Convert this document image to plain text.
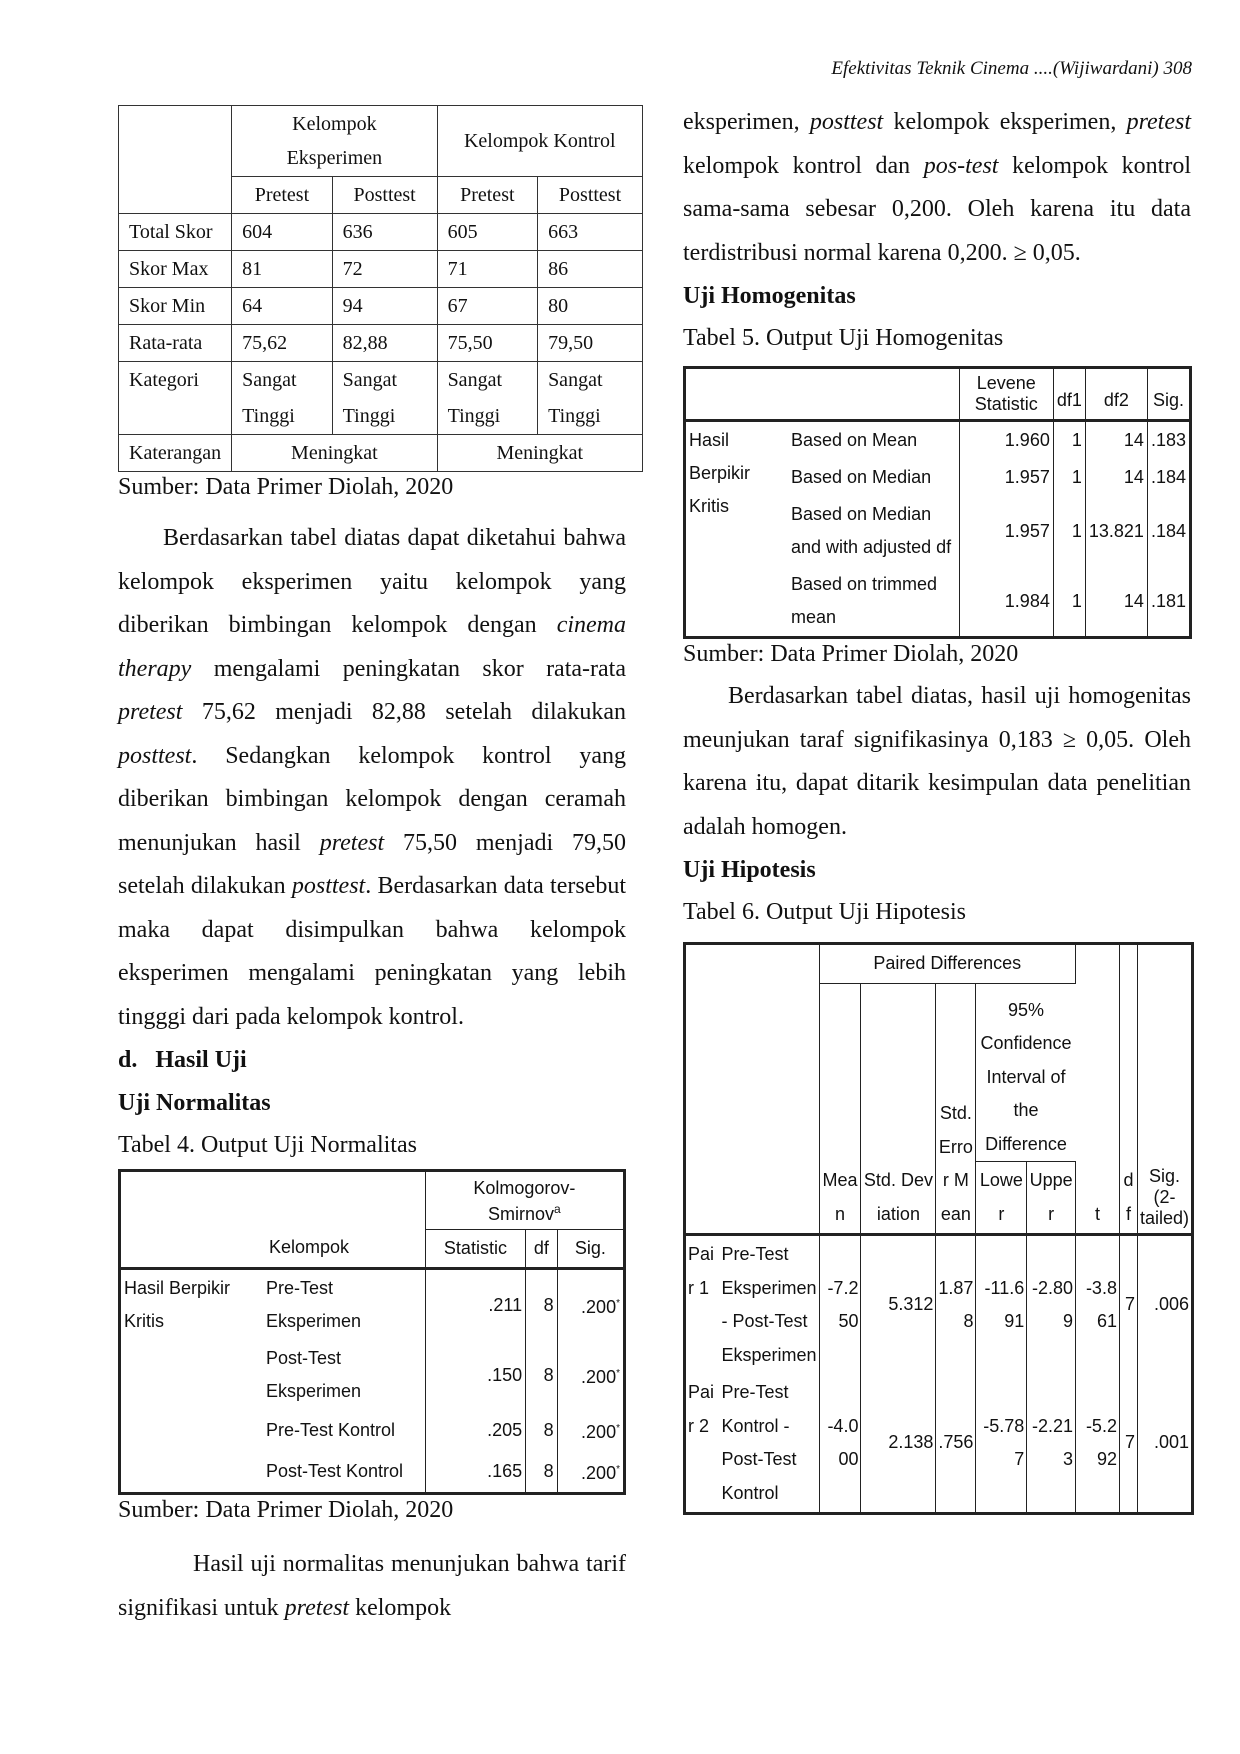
Efektivitas Teknik Cinema ....(Wijiwardani) 308
	Kelompok Eksperimen		Kelompok Kontrol	
	Pretest	Posttest	Pretest	Posttest
Total Skor	604	636	605	663
Skor Max	81	72	71	86
Skor Min	64	94	67	80
Rata-rata	75,62	82,88	75,50	79,50
Kategori	Sangat Tinggi	Sangat Tinggi	Sangat Tinggi	Sangat Tinggi
Katerangan	Meningkat		Meningkat	

Sumber: Data Primer Diolah, 2020

Berdasarkan tabel diatas dapat diketahui bahwa kelompok eksperimen yaitu kelompok yang diberikan bimbingan kelompok dengan cinema therapy mengalami peningkatan skor rata-rata pretest 75,62 menjadi 82,88 setelah dilakukan posttest. Sedangkan kelompok kontrol yang diberikan bimbingan kelompok dengan ceramah menunjukan hasil pretest 75,50 menjadi 79,50 setelah dilakukan posttest. Berdasarkan data tersebut maka dapat disimpulkan bahwa kelompok eksperimen mengalami peningkatan yang lebih tingggi dari pada kelompok kontrol.

d.   Hasil Uji

Uji Normalitas

Tabel 4. Output Uji Normalitas

Kelompok		Kolmogorov-Smirnov$^a$
		Statistic	df	Sig.
Hasil Berpikir Kritis	Pre-Test Eksperimen	.211	8	.200*
	Post-Test Eksperimen	.150	8	.200*
	Pre-Test Kontrol	.205	8	.200*
	Post-Test Kontrol	.165	8	.200*

Sumber: Data Primer Diolah, 2020

Hasil uji normalitas menunjukan bahwa tarif signifikasi untuk pretest kelompok

eksperimen, posttest kelompok eksperimen, pretest kelompok kontrol dan pos-test kelompok kontrol sama-sama sebesar 0,200. Oleh karena itu data terdistribusi normal karena 0,200. ≥ 0,05.

Uji Homogenitas

Tabel 5. Output Uji Homogenitas

		Levene Statistic	df1	df2	Sig.
Hasil Berpikir Kritis	Based on Mean	1.960	1	14	.183
	Based on Median	1.957	1	14	.184
	Based on Median and with adjusted df	1.957	1	13.821	.184
	Based on trimmed mean	1.984	1	14	.181

Sumber: Data Primer Diolah, 2020

Berdasarkan tabel diatas, hasil uji homogenitas meunjukan taraf signifikasinya 0,183 ≥ 0,05. Oleh karena itu, dapat ditarik kesimpulan data penelitian adalah homogen.

Uji Hipotesis

Tabel 6. Output Uji Hipotesis

		Paired Differences					t	df	Sig. (2-tailed)
		Mean	Std. Deviation	Std. Error Mean	95% Confidence Interval of the Difference				
					Lower	Upper			
Pair 1	Pre-Test Eksperimen - Post-Test Eksperimen	-7.250	5.312	1.878	-11.691	-2.809	-3.861	7	.006
Pair 2	Pre-Test Kontrol - Post-Test Kontrol	-4.000	2.138	.756	-5.787	-2.213	-5.292	7	.001
